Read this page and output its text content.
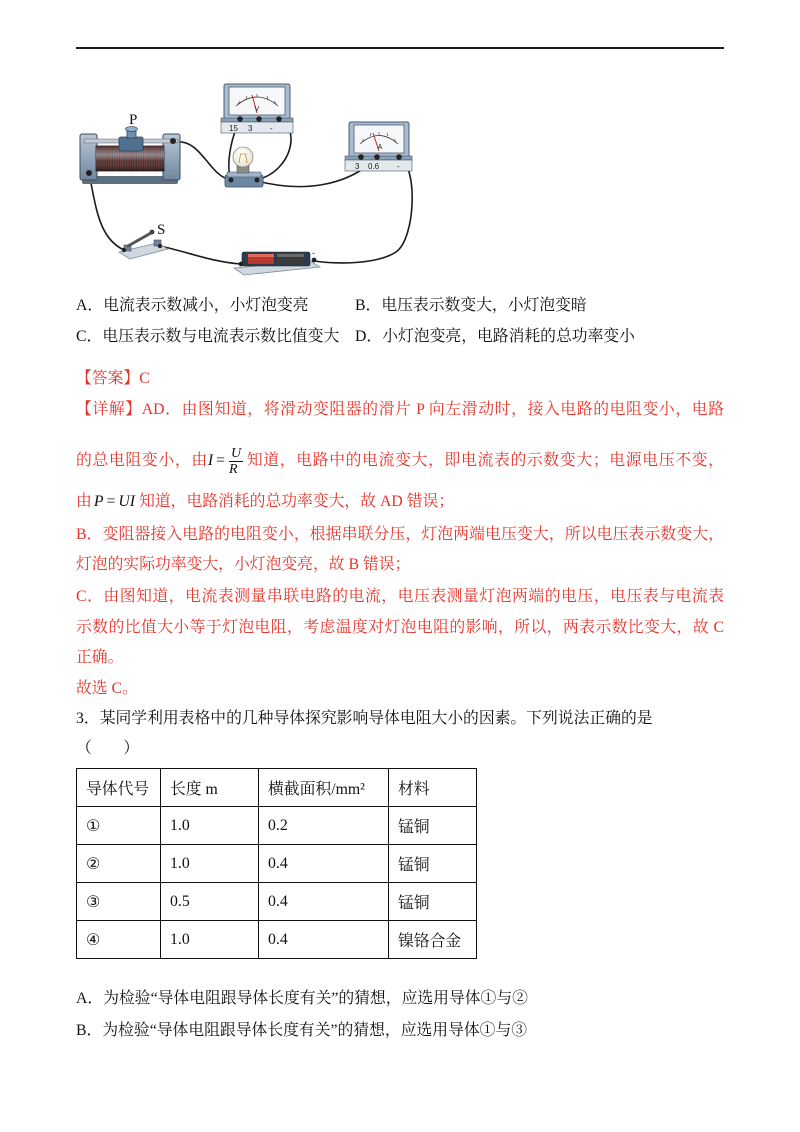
P
V
15 3 -
A
3 0.6 -
S
-
A．电流表示数减小，小灯泡变亮	B．电压表示数变大，小灯泡变暗
C．电压表示数与电流表示数比值变大 D．小灯泡变亮，电路消耗的总功率变小
【答案】C
【详解】AD．由图知道，将滑动变阻器的滑片 P 向左滑动时，接入电路的电阻变小，电路
的总电阻变小，由$I = \frac{U}{R}$ 知道，电路中的电流变大，即电流表的示数变大；电源电压不变，
由 P = UI 知道，电路消耗的总功率变大，故 AD 错误；
B．变阻器接入电路的电阻变小，根据串联分压，灯泡两端电压变大，所以电压表示数变大，
灯泡的实际功率变大，小灯泡变亮，故 B 错误；
C．由图知道，电流表测量串联电路的电流，电压表测量灯泡两端的电压，电压表与电流表
示数的比值大小等于灯泡电阻，考虑温度对灯泡电阻的影响，所以，两表示数比变大，故 C
正确。
故选 C。
3．某同学利用表格中的几种导体探究影响导体电阻大小的因素。下列说法正确的是
（　　）
导体代号	长度 m	横截面积/mm²	材料
①	1.0	0.2	锰铜
②	1.0	0.4	锰铜
③	0.5	0.4	锰铜
④	1.0	0.4	镍铬合金
A．为检验“导体电阻跟导体长度有关”的猜想，应选用导体①与②
B．为检验“导体电阻跟导体长度有关”的猜想，应选用导体①与③
